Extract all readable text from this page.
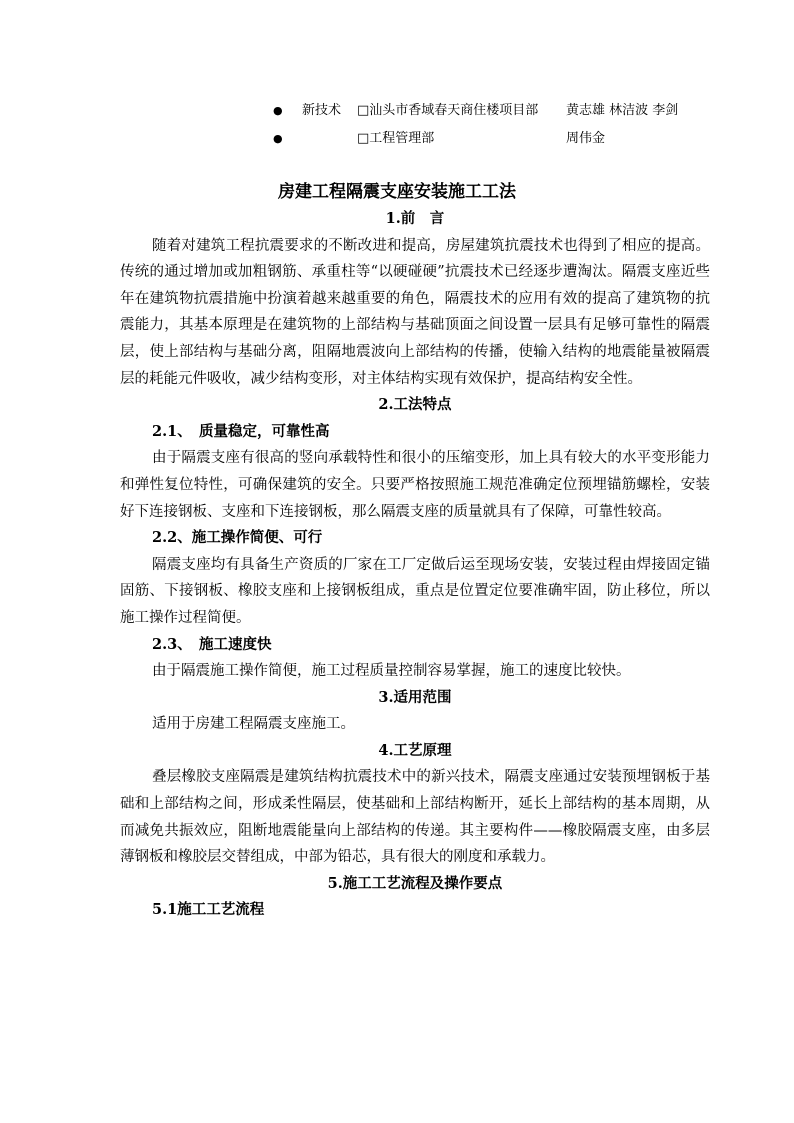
● 新技术 □汕头市香域春天商住楼项目部 黄志雄 林洁波 李剑
●	□工程管理部	周伟金
房建工程隔震支座安装施工工法
1.前　言
随着对建筑工程抗震要求的不断改进和提高，房屋建筑抗震技术也得到了相应的提高。传统的通过增加或加粗钢筋、承重柱等“以硬碰硬”抗震技术已经逐步遭淘汰。隔震支座近些年在建筑物抗震措施中扮演着越来越重要的角色，隔震技术的应用有效的提高了建筑物的抗震能力，其基本原理是在建筑物的上部结构与基础顶面之间设置一层具有足够可靠性的隔震层，使上部结构与基础分离，阻隔地震波向上部结构的传播，使输入结构的地震能量被隔震层的耗能元件吸收，减少结构变形，对主体结构实现有效保护，提高结构安全性。
2.工法特点
2.1、　质量稳定，可靠性高
由于隔震支座有很高的竖向承载特性和很小的压缩变形，加上具有较大的水平变形能力和弹性复位特性，可确保建筑的安全。只要严格按照施工规范准确定位预埋锚筋螺栓，安装好下连接钢板、支座和下连接钢板，那么隔震支座的质量就具有了保障，可靠性较高。
2.2、施工操作简便、可行
隔震支座均有具备生产资质的厂家在工厂定做后运至现场安装，安装过程由焊接固定锚固筋、下接钢板、橡胶支座和上接钢板组成，重点是位置定位要准确牢固，防止移位，所以施工操作过程简便。
2.3、　施工速度快
由于隔震施工操作简便，施工过程质量控制容易掌握，施工的速度比较快。
3.适用范围
适用于房建工程隔震支座施工。
4.工艺原理
叠层橡胶支座隔震是建筑结构抗震技术中的新兴技术，隔震支座通过安装预埋钢板于基础和上部结构之间，形成柔性隔层，使基础和上部结构断开，延长上部结构的基本周期，从而减免共振效应，阻断地震能量向上部结构的传递。其主要构件——橡胶隔震支座，由多层薄钢板和橡胶层交替组成，中部为铅芯，具有很大的刚度和承载力。
5.施工工艺流程及操作要点
5.1施工工艺流程
